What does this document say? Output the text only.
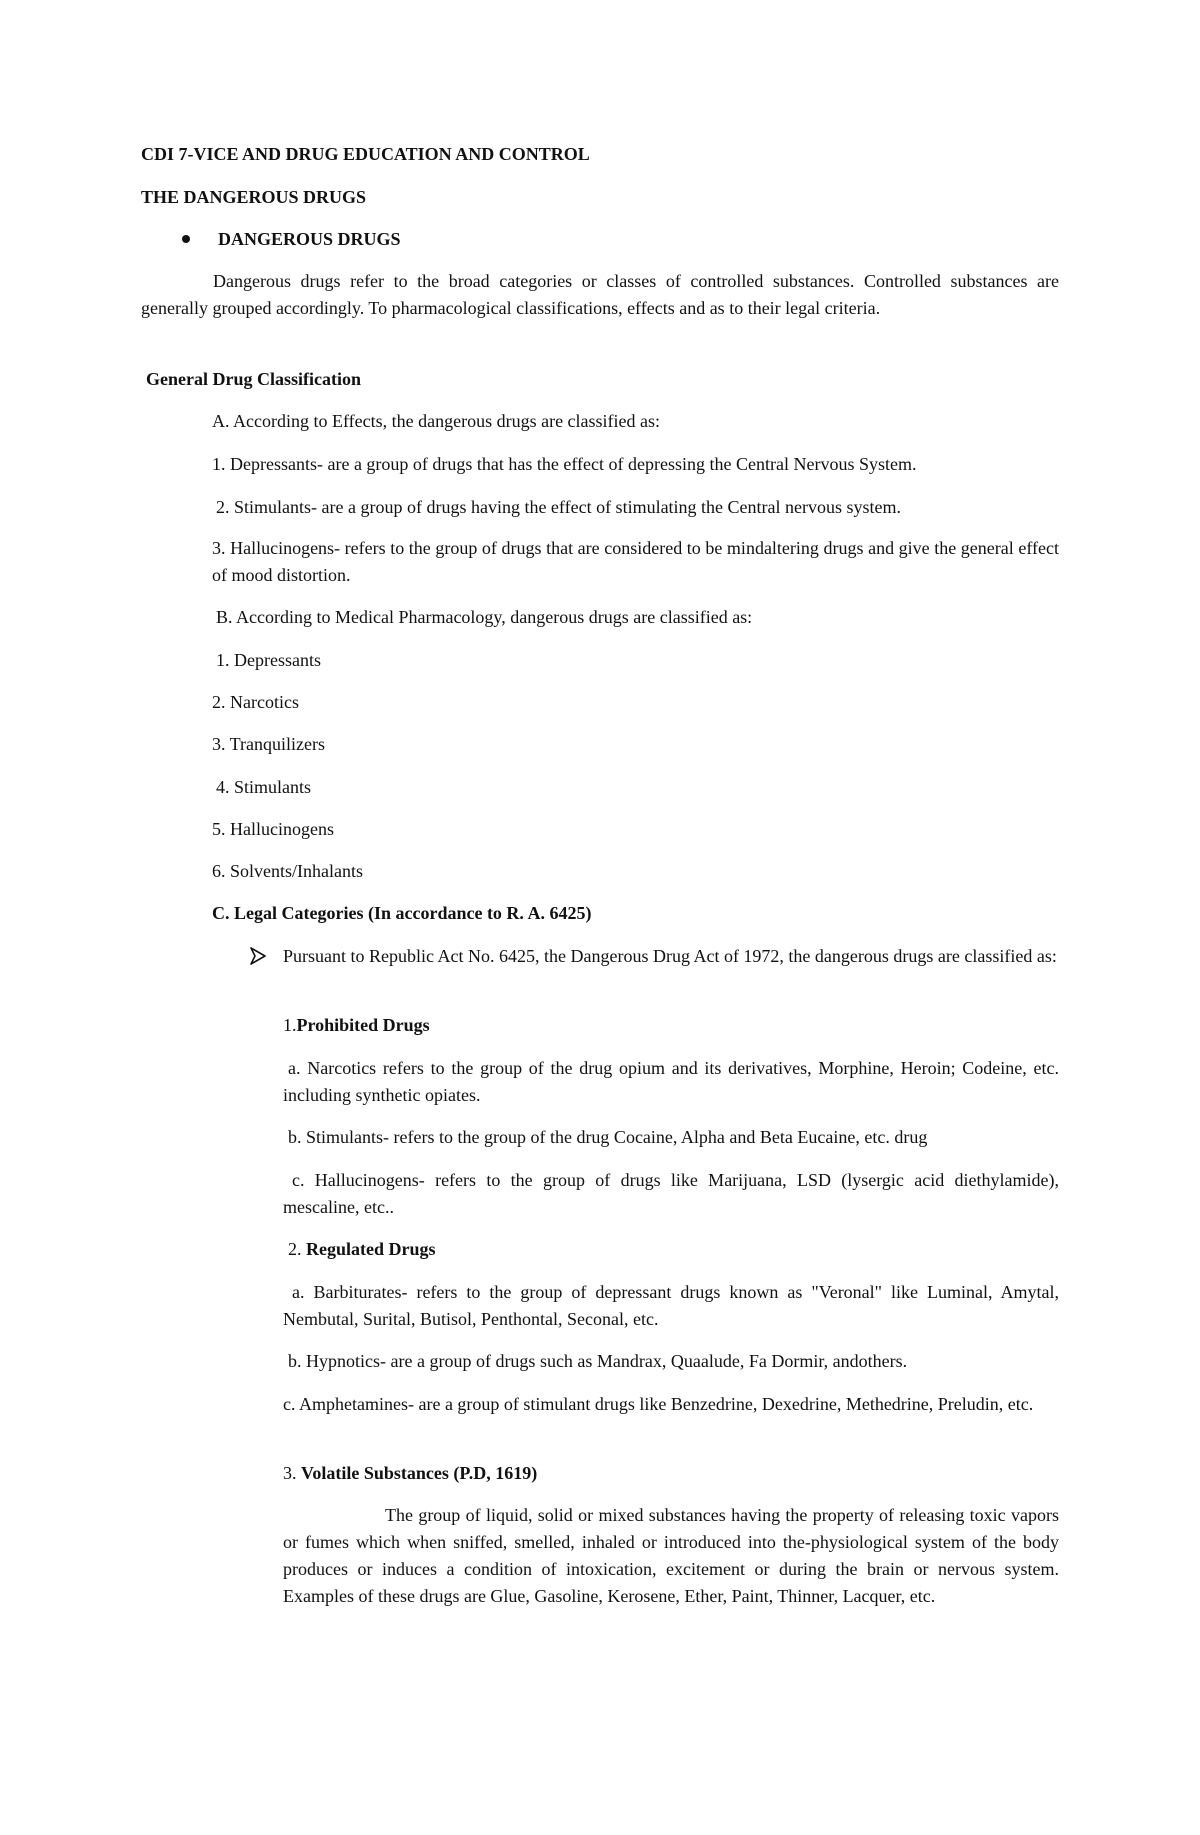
CDI 7-VICE AND DRUG EDUCATION AND CONTROL
THE DANGEROUS DRUGS
DANGEROUS DRUGS
Dangerous drugs refer to the broad categories or classes of controlled substances. Controlled substances are generally grouped accordingly. To pharmacological classifications, effects and as to their legal criteria.
General Drug Classification
A. According to Effects, the dangerous drugs are classified as:
1. Depressants- are a group of drugs that has the effect of depressing the Central Nervous System.
2. Stimulants- are a group of drugs having the effect of stimulating the Central nervous system.
3. Hallucinogens- refers to the group of drugs that are considered to be mindaltering drugs and give the general effect of mood distortion.
B. According to Medical Pharmacology, dangerous drugs are classified as:
1. Depressants
2. Narcotics
3. Tranquilizers
4. Stimulants
5. Hallucinogens
6. Solvents/Inhalants
C. Legal Categories (In accordance to R. A. 6425)
Pursuant to Republic Act No. 6425, the Dangerous Drug Act of 1972, the dangerous drugs are classified as:
1.Prohibited Drugs
a. Narcotics refers to the group of the drug opium and its derivatives, Morphine, Heroin; Codeine, etc. including synthetic opiates.
b. Stimulants- refers to the group of the drug Cocaine, Alpha and Beta Eucaine, etc. drug
c. Hallucinogens- refers to the group of drugs like Marijuana, LSD (lysergic acid diethylamide), mescaline, etc..
2. Regulated Drugs
a. Barbiturates- refers to the group of depressant drugs known as "Veronal" like Luminal, Amytal, Nembutal, Surital, Butisol, Penthontal, Seconal, etc.
b. Hypnotics- are a group of drugs such as Mandrax, Quaalude, Fa Dormir, andothers.
c. Amphetamines- are a group of stimulant drugs like Benzedrine, Dexedrine, Methedrine, Preludin, etc.
3. Volatile Substances (P.D, 1619)
The group of liquid, solid or mixed substances having the property of releasing toxic vapors or fumes which when sniffed, smelled, inhaled or introduced into the-physiological system of the body produces or induces a condition of intoxication, excitement or during the brain or nervous system. Examples of these drugs are Glue, Gasoline, Kerosene, Ether, Paint, Thinner, Lacquer, etc.
